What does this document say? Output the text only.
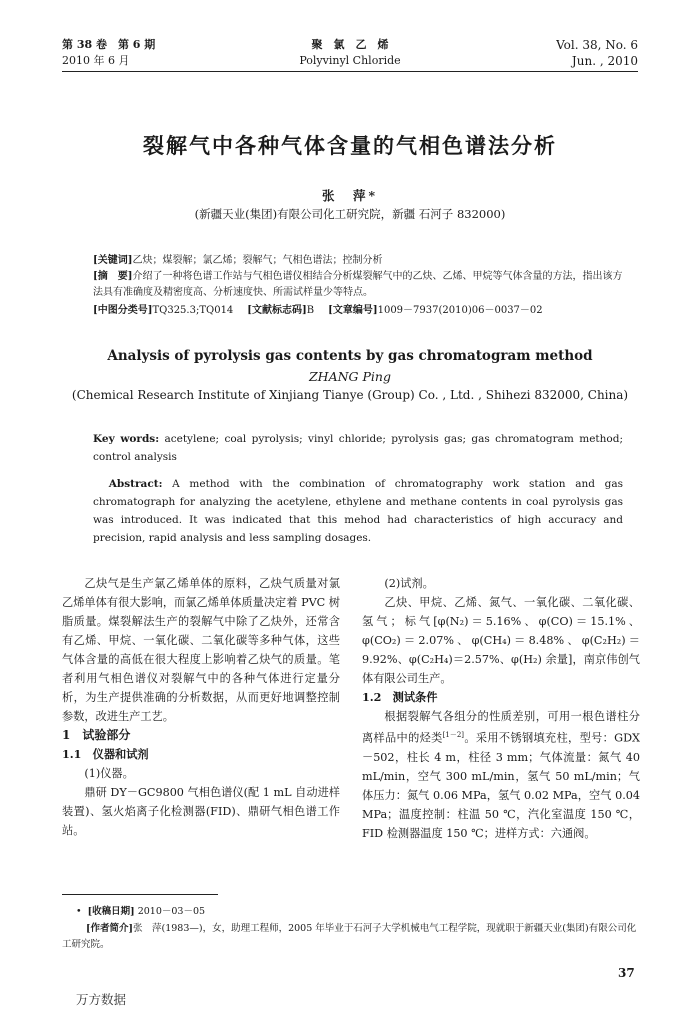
第 38 卷　第 6 期
2010 年 6 月
聚　氯　乙　烯
Polyvinyl Chloride
Vol. 38, No. 6
Jun. , 2010
裂解气中各种气体含量的气相色谱法分析
张　萍*
(新疆天业(集团)有限公司化工研究院，新疆 石河子 832000)
[关键词]乙炔；煤裂解；氯乙烯；裂解气；气相色谱法；控制分析
[摘　要]介绍了一种将色谱工作站与气相色谱仪相结合分析煤裂解气中的乙炔、乙烯、甲烷等气体含量的方法，指出该方法具有准确度及精密度高、分析速度快、所需试样量少等特点。
[中图分类号]TQ325.3;TQ014 [文献标志码]B [文章编号]1009－7937(2010)06－0037－02
Analysis of pyrolysis gas contents by gas chromatogram method
ZHANG Ping
(Chemical Research Institute of Xinjiang Tianye (Group) Co. , Ltd. , Shihezi 832000, China)
Key words: acetylene; coal pyrolysis; vinyl chloride; pyrolysis gas; gas chromatogram method; control analysis
Abstract: A method with the combination of chromatography work station and gas chromatograph for analyzing the acetylene, ethylene and methane contents in coal pyrolysis gas was introduced. It was indicated that this mehod had characteristics of high accuracy and precision, rapid analysis and less sampling dosages.

乙炔气是生产氯乙烯单体的原料，乙炔气质量对氯乙烯单体有很大影响，而氯乙烯单体质量决定着 PVC 树脂质量。煤裂解法生产的裂解气中除了乙炔外，还常含有乙烯、甲烷、一氧化碳、二氧化碳等多种气体，这些气体含量的高低在很大程度上影响着乙炔气的质量。笔者利用气相色谱仪对裂解气中的各种气体进行定量分析，为生产提供准确的分析数据，从而更好地调整控制参数，改进生产工艺。

1　试验部分

1.1　仪器和试剂

(1)仪器。

鼎研 DY－GC9800 气相色谱仪(配 1 mL 自动进样装置)、氢火焰离子化检测器(FID)、鼎研气相色谱工作站。

(2)试剂。

乙炔、甲烷、乙烯、氮气、一氧化碳、二氧化碳、氢气；标气[φ(N₂)＝5.16%、φ(CO)＝15.1%、φ(CO₂)＝2.07%、φ(CH₄)＝8.48%、φ(C₂H₂)＝9.92%、φ(C₂H₄)＝2.57%、φ(H₂) 余量]，南京伟创气体有限公司生产。

1.2　测试条件

根据裂解气各组分的性质差别，可用一根色谱柱分离样品中的烃类[1－2]。采用不锈钢填充柱，型号：GDX－502，柱长 4 m，柱径 3 mm；气体流量：氮气 40 mL/min，空气 300 mL/min，氢气 50 mL/min；气体压力：氮气 0.06 MPa，氢气 0.02 MPa，空气 0.04 MPa；温度控制：柱温 50 ℃，汽化室温度 150 ℃，FID 检测器温度 150 ℃；进样方式：六通阀。

• [收稿日期] 2010－03－05
[作者简介]张　萍(1983—)，女，助理工程师，2005 年毕业于石河子大学机械电气工程学院，现就职于新疆天业(集团)有限公司化工研究院。
37
万方数据
